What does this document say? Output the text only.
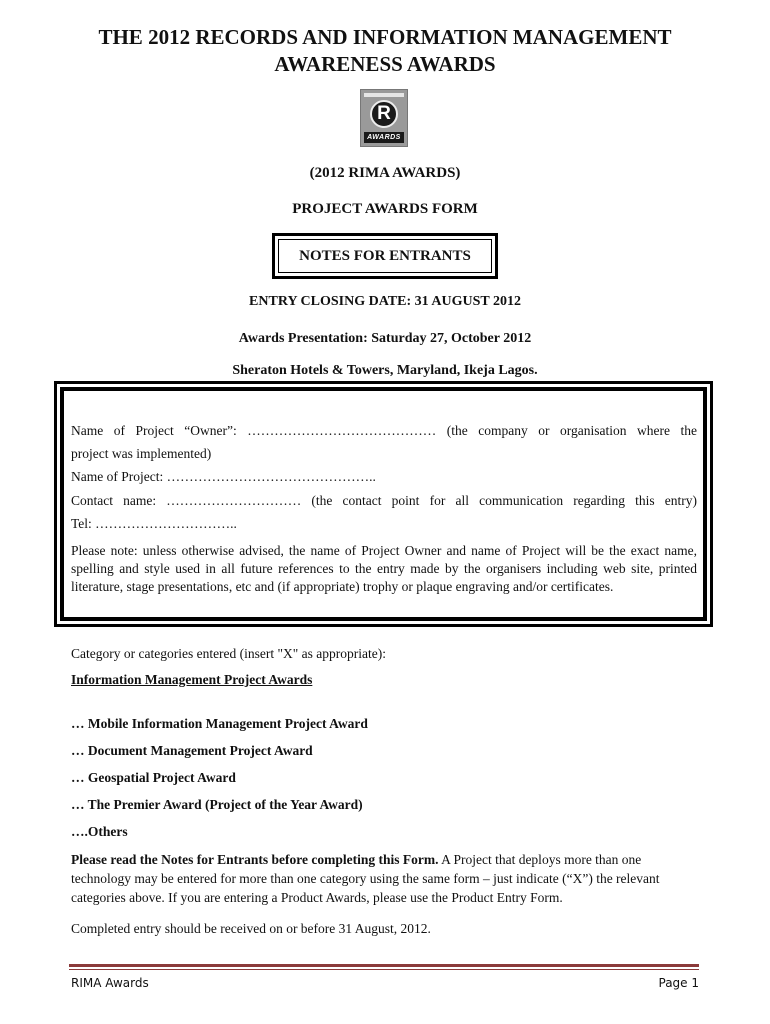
THE 2012 RECORDS AND INFORMATION MANAGEMENT
AWARENESS AWARDS
R
AWARDS
(2012 RIMA AWARDS)
PROJECT AWARDS FORM
NOTES FOR ENTRANTS
ENTRY CLOSING DATE: 31 AUGUST 2012
Awards Presentation: Saturday 27, October 2012
Sheraton Hotels & Towers, Maryland, Ikeja Lagos.
Name of Project “Owner”: …………………………………… (the company or organisation where the
project was implemented)
Name of Project: ………………………………………..
Contact name: ………………………… (the contact point for all communication regarding this entry)
Tel: …………………………..
Please note: unless otherwise advised, the name of Project Owner and name of Project will be the exact name, spelling and style used in all future references to the entry made by the organisers including web site, printed literature, stage presentations, etc and (if appropriate) trophy or plaque engraving and/or certificates.
Category or categories entered (insert "X" as appropriate):
Information Management Project Awards
… Mobile Information Management Project Award
… Document Management Project Award
… Geospatial Project Award
… The Premier Award (Project of the Year Award)
….Others
Please read the Notes for Entrants before completing this Form. A Project that deploys more than one technology may be entered for more than one category using the same form – just indicate (“X”) the relevant categories above. If you are entering a Product Awards, please use the Product Entry Form.
Completed entry should be received on or before 31 August, 2012.
RIMA Awards	Page 1
